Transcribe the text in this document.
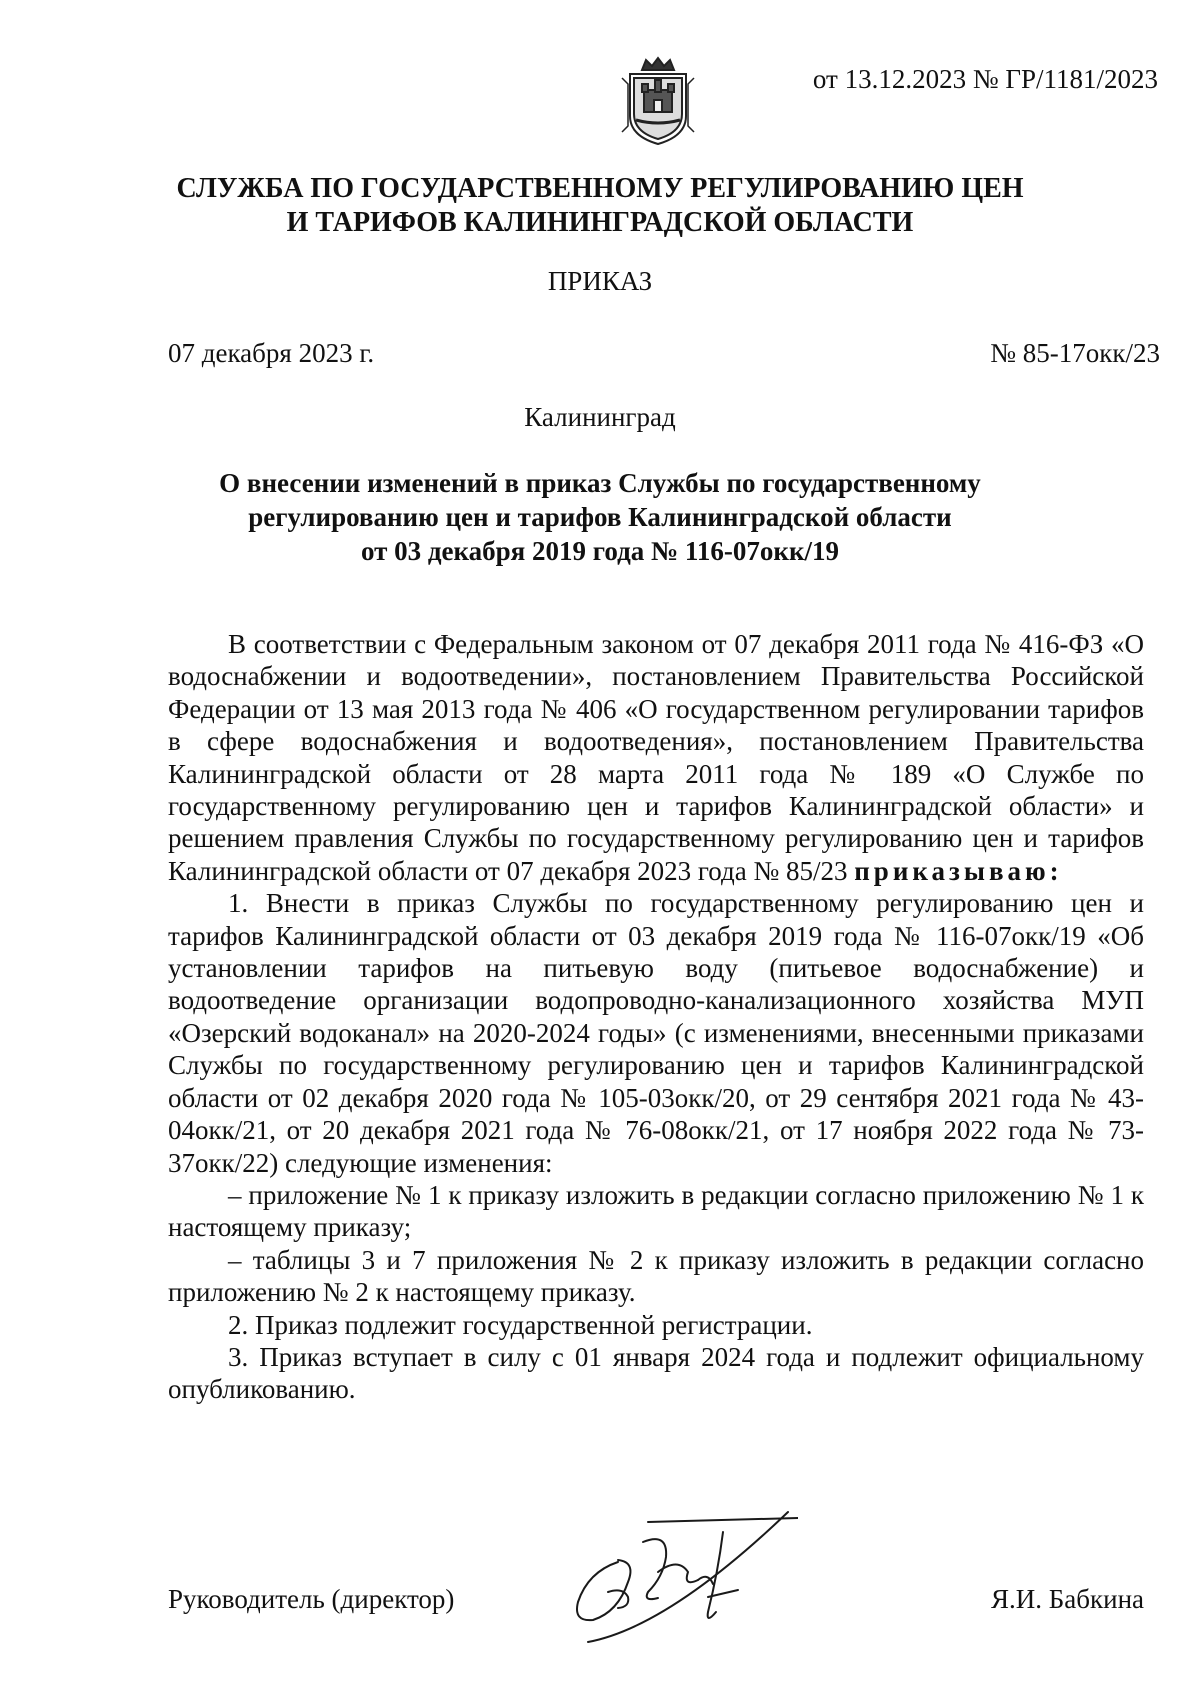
от 13.12.2023 № ГР/1181/2023
СЛУЖБА ПО ГОСУДАРСТВЕННОМУ РЕГУЛИРОВАНИЮ ЦЕН
И ТАРИФОВ КАЛИНИНГРАДСКОЙ ОБЛАСТИ
ПРИКАЗ
07 декабря 2023 г.	№ 85-17окк/23
Калининград
О внесении изменений в приказ Службы по государственному
регулированию цен и тарифов Калининградской области
от 03 декабря 2019 года № 116-07окк/19

В соответствии с Федеральным законом от 07 декабря 2011 года № 416-ФЗ «О водоснабжении и водоотведении», постановлением Правительства Российской Федерации от 13 мая 2013 года № 406 «О государственном регулировании тарифов в сфере водоснабжения и водоотведения», постановлением Правительства Калининградской области от 28 марта 2011 года № 189 «О Службе по государственному регулированию цен и тарифов Калининградской области» и решением правления Службы по государственному регулированию цен и тарифов Калининградской области от 07 декабря 2023 года № 85/23 приказываю:

1. Внести в приказ Службы по государственному регулированию цен и тарифов Калининградской области от 03 декабря 2019 года № 116-07окк/19 «Об установлении тарифов на питьевую воду (питьевое водоснабжение) и водоотведение организации водопроводно-канализационного хозяйства МУП «Озерский водоканал» на 2020-2024 годы» (с изменениями, внесенными приказами Службы по государственному регулированию цен и тарифов Калининградской области от 02 декабря 2020 года № 105-03окк/20, от 29 сентября 2021 года № 43-04окк/21, от 20 декабря 2021 года № 76-08окк/21, от 17 ноября 2022 года № 73-37окк/22) следующие изменения:

– приложение № 1 к приказу изложить в редакции согласно приложению № 1 к настоящему приказу;

– таблицы 3 и 7 приложения № 2 к приказу изложить в редакции согласно приложению № 2 к настоящему приказу.

2. Приказ подлежит государственной регистрации.

3. Приказ вступает в силу с 01 января 2024 года и подлежит официальному опубликованию.

Руководитель (директор)	Я.И. Бабкина
